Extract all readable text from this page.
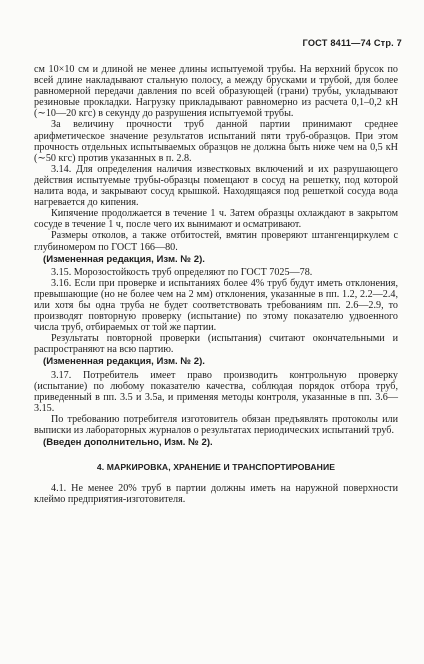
ГОСТ 8411—74 Стр. 7

см 10×10 см и длиной не менее длины испытуемой трубы. На верхний брусок по всей длине накладывают стальную полосу, а между брусками и трубой, для более равномерной передачи давления по всей образующей (грани) трубы, укладывают резиновые прокладки. Нагрузку прикладывают равномерно из расчета 0,1–0,2 кН (∼10—20 кгс) в секунду до разрушения испытуемой трубы.

За величину прочности труб данной партии принимают среднее арифметическое значение результатов испытаний пяти труб-образцов. При этом прочность отдельных испытываемых образцов не должна быть ниже чем на 0,5 кН (∼50 кгс) против указанных в п. 2.8.

3.14. Для определения наличия известковых включений и их разрушающего действия испытуемые трубы-образцы помещают в сосуд на решетку, под которой налита вода, и закрывают сосуд крышкой. Находящаяся под решеткой сосуда вода нагревается до кипения.

Кипячение продолжается в течение 1 ч. Затем образцы охлаждают в закрытом сосуде в течение 1 ч, после чего их вынимают и осматривают.

Размеры отколов, а также отбитостей, вмятин проверяют штангенциркулем с глубиномером по ГОСТ 166—80.

(Измененная редакция, Изм. № 2).

3.15. Морозостойкость труб определяют по ГОСТ 7025—78.

3.16. Если при проверке и испытаниях более 4% труб будут иметь отклонения, превышающие (но не более чем на 2 мм) отклонения, указанные в пп. 1.2, 2.2—2.4, или хотя бы одна труба не будет соответствовать требованиям пп. 2.6—2.9, то производят повторную проверку (испытание) по этому показателю удвоенного числа труб, отбираемых от той же партии.

Результаты повторной проверки (испытания) считают окончательными и распространяют на всю партию.

(Измененная редакция, Изм. № 2).

3.17. Потребитель имеет право производить контрольную проверку (испытание) по любому показателю качества, соблюдая порядок отбора труб, приведенный в пп. 3.5 и 3.5а, и применяя методы контроля, указанные в пп. 3.6—3.15.

По требованию потребителя изготовитель обязан предъявлять протоколы или выписки из лабораторных журналов о результатах периодических испытаний труб.

(Введен дополнительно, Изм. № 2).

4. МАРКИРОВКА, ХРАНЕНИЕ И ТРАНСПОРТИРОВАНИЕ

4.1. Не менее 20% труб в партии должны иметь на наружной поверхности клеймо предприятия-изготовителя.
